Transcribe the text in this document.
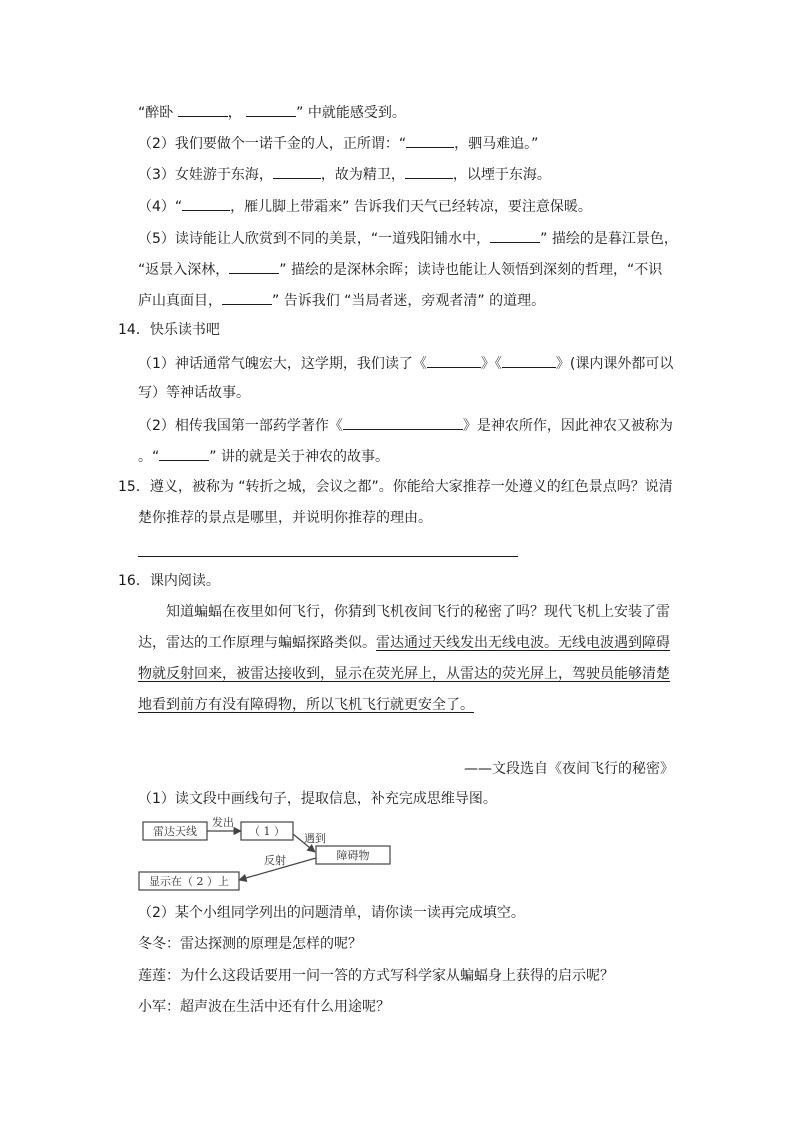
“醉卧	，	” 中就能感受到。
（2）我们要做个一诺千金的人，正所谓：“	，驷马难追。”
（3）女娃游于东海，	，故为精卫，	，以堙于东海。
（4）“	，雁儿脚上带霜来” 告诉我们天气已经转凉，要注意保暖。
（5）读诗能让人欣赏到不同的美景，“一道残阳铺水中，	” 描绘的是暮江景色，
“返景入深林，	” 描绘的是深林余晖；读诗也能让人领悟到深刻的哲理，“不识
庐山真面目，	” 告诉我们 “当局者迷，旁观者清” 的道理。
14．快乐读书吧
（1）神话通常气魄宏大，这学期，我们读了《	》《	》(课内课外都可以
写）等神话故事。
（2）相传我国第一部药学著作《	》是神农所作，因此神农又被称为
。“	” 讲的就是关于神农的故事。
15．遵义，被称为 “转折之城，会议之都”。你能给大家推荐一处遵义的红色景点吗？说清
楚你推荐的景点是哪里，并说明你推荐的理由。
16．课内阅读。
知道蝙蝠在夜里如何飞行，你猜到飞机夜间飞行的秘密了吗？现代飞机上安装了雷
达，雷达的工作原理与蝙蝠探路类似。雷达通过天线发出无线电波。无线电波遇到障碍
物就反射回来，被雷达接收到，显示在荧光屏上，从雷达的荧光屏上，驾驶员能够清楚
地看到前方有没有障碍物，所以飞机飞行就更安全了。
——文段选自《夜间飞行的秘密》
（1）读文段中画线句子，提取信息，补充完成思维导图。
雷达天线
发出
（ 1 ）
遇到
障碍物
反射
显示在（ 2 ）上
（2）某个小组同学列出的问题清单，请你读一读再完成填空。
冬冬：雷达探测的原理是怎样的呢？
莲莲：为什么这段话要用一问一答的方式写科学家从蝙蝠身上获得的启示呢？
小军：超声波在生活中还有什么用途呢？
